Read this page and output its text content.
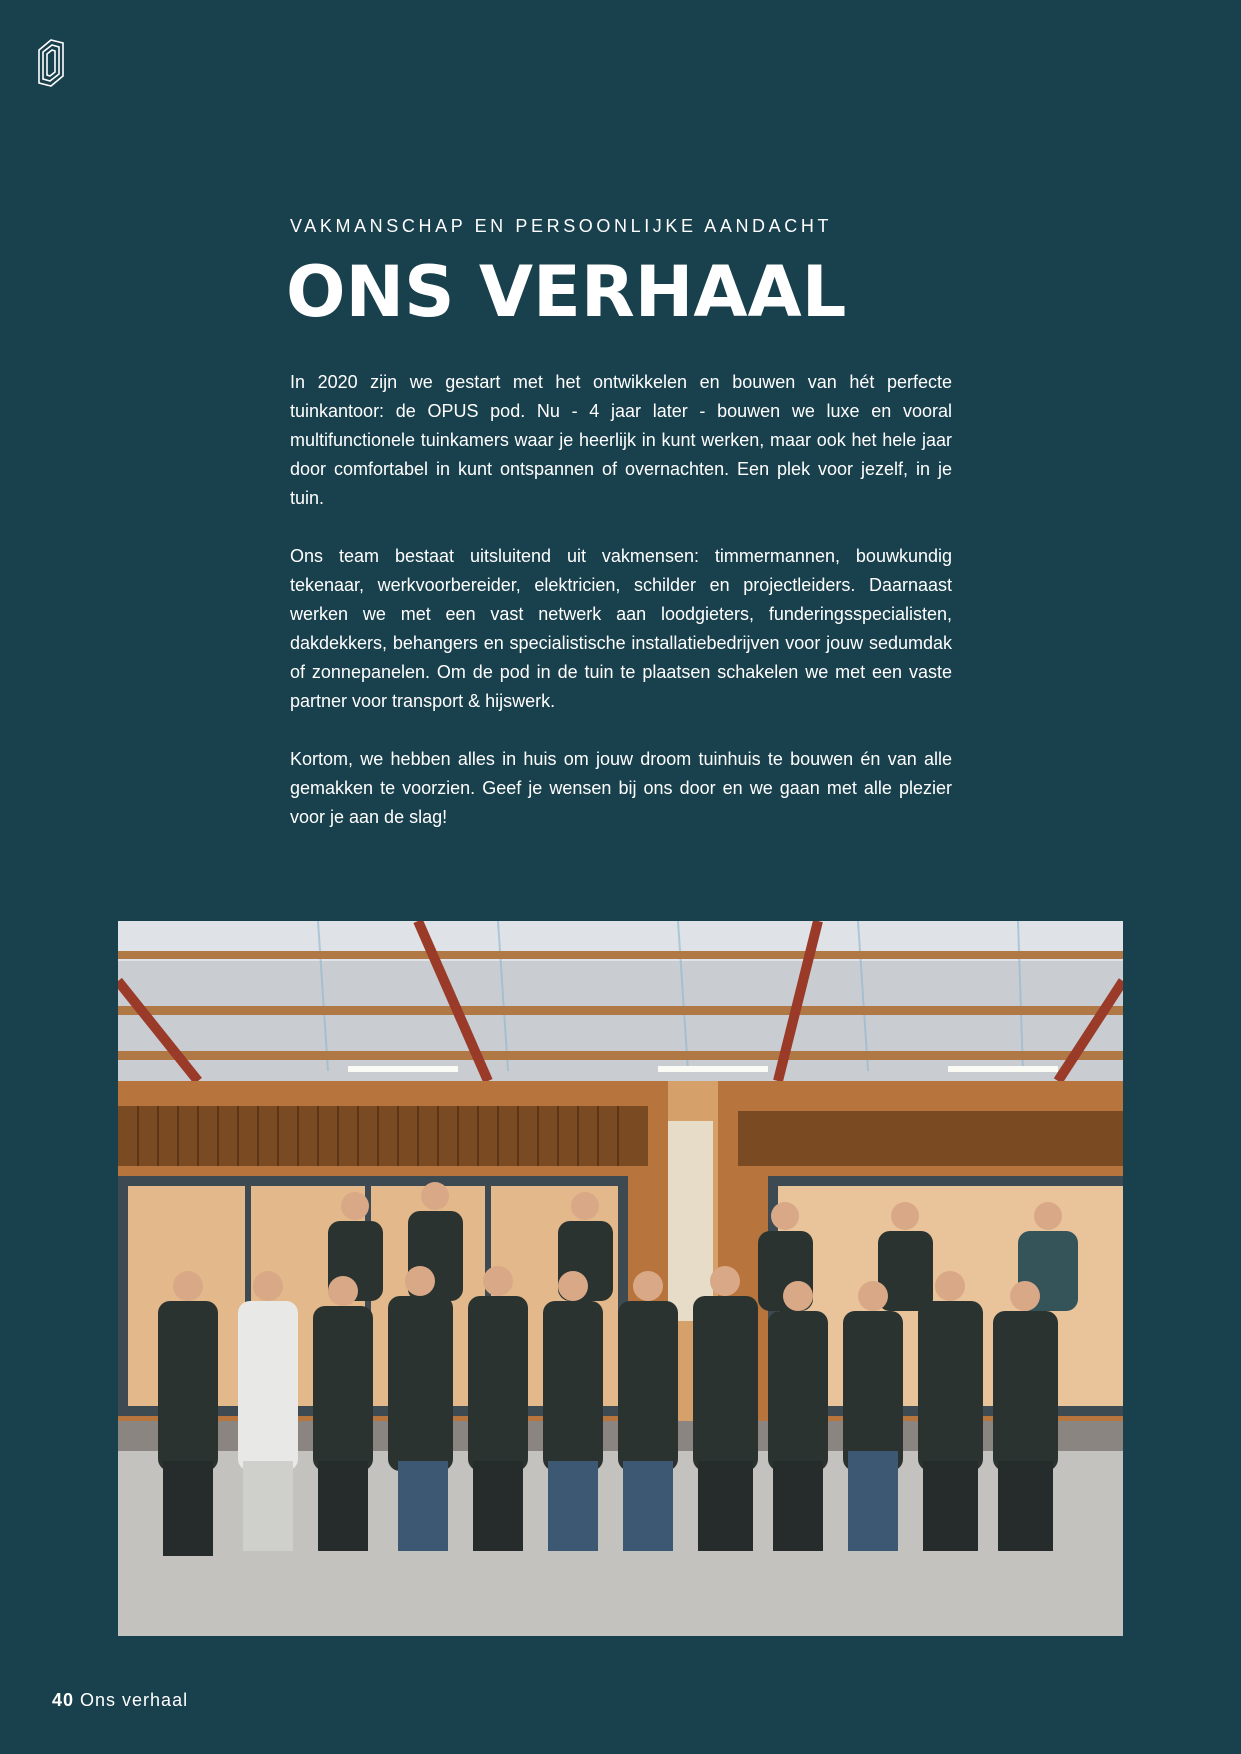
VAKMANSCHAP EN PERSOONLIJKE AANDACHT
ONS VERHAAL

In 2020 zijn we gestart met het ontwikkelen en bouwen van hét perfecte tuinkantoor: de OPUS pod. Nu - 4 jaar later - bouwen we luxe en vooral multifunctionele tuinkamers waar je heerlijk in kunt werken, maar ook het hele jaar door comfortabel in kunt ontspannen of overnachten. Een plek voor jezelf, in je tuin.

Ons team bestaat uitsluitend uit vakmensen: timmermannen, bouwkundig tekenaar, werkvoorbereider, elektricien, schilder en projectleiders. Daarnaast werken we met een vast netwerk aan loodgieters, funderingsspecialisten, dakdekkers, behangers en specialistische installatiebedrijven voor jouw sedumdak of zonnepanelen. Om de pod in de tuin te plaatsen schakelen we met een vaste partner voor transport & hijswerk.

Kortom, we hebben alles in huis om jouw droom tuinhuis te bouwen én van alle gemakken te voorzien. Geef je wensen bij ons door en we gaan met alle plezier voor je aan de slag!

40 Ons verhaal
